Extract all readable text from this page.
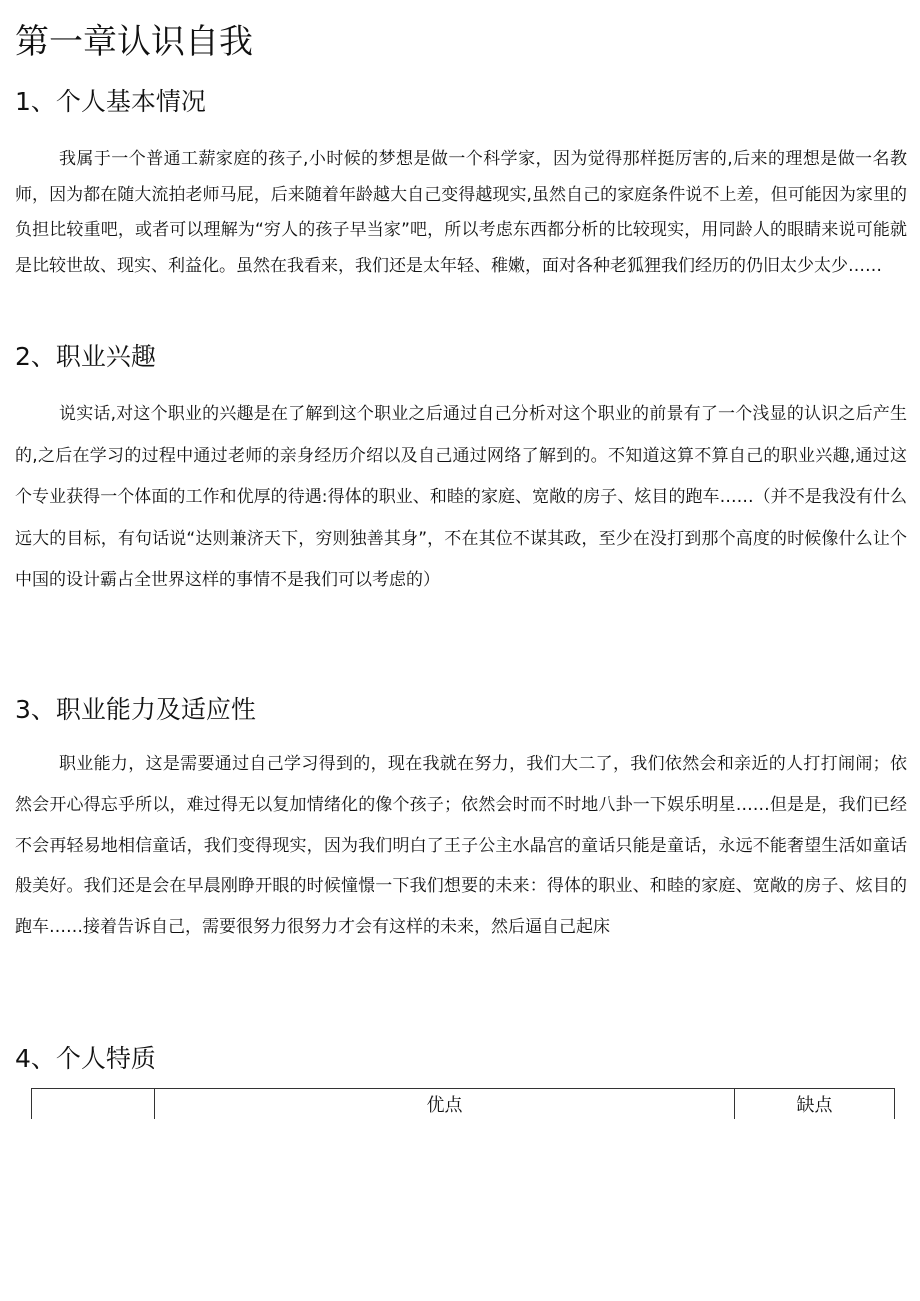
第一章认识自我
1、个人基本情况

我属于一个普通工薪家庭的孩子,小时候的梦想是做一个科学家，因为觉得那样挺厉害的,后来的理想是做一名教师，因为都在随大流拍老师马屁，后来随着年龄越大自己变得越现实,虽然自己的家庭条件说不上差，但可能因为家里的负担比较重吧，或者可以理解为“穷人的孩子早当家”吧，所以考虑东西都分析的比较现实，用同龄人的眼睛来说可能就是比较世故、现实、利益化。虽然在我看来，我们还是太年轻、稚嫩，面对各种老狐狸我们经历的仍旧太少太少……

2、职业兴趣

说实话,对这个职业的兴趣是在了解到这个职业之后通过自己分析对这个职业的前景有了一个浅显的认识之后产生的,之后在学习的过程中通过老师的亲身经历介绍以及自己通过网络了解到的。不知道这算不算自己的职业兴趣,通过这个专业获得一个体面的工作和优厚的待遇:得体的职业、和睦的家庭、宽敞的房子、炫目的跑车……（并不是我没有什么远大的目标，有句话说“达则兼济天下，穷则独善其身”，不在其位不谋其政，至少在没打到那个高度的时候像什么让个中国的设计霸占全世界这样的事情不是我们可以考虑的）

3、职业能力及适应性

职业能力，这是需要通过自己学习得到的，现在我就在努力，我们大二了，我们依然会和亲近的人打打闹闹；依然会开心得忘乎所以，难过得无以复加情绪化的像个孩子；依然会时而不时地八卦一下娱乐明星……但是是，我们已经不会再轻易地相信童话，我们变得现实，因为我们明白了王子公主水晶宫的童话只能是童话，永远不能奢望生活如童话般美好。我们还是会在早晨刚睁开眼的时候憧憬一下我们想要的未来：得体的职业、和睦的家庭、宽敞的房子、炫目的跑车……接着告诉自己，需要很努力很努力才会有这样的未来，然后逼自己起床

4、个人特质
	优点	缺点
